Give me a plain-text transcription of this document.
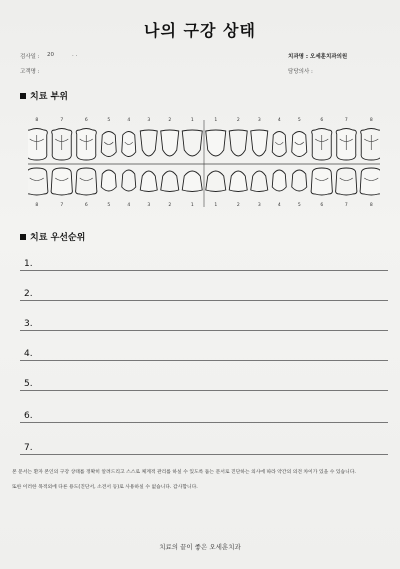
나의 구강 상태
검사일 : 20	. .
고객명 :
치과명 : 오세훈치과의원
담당의사 :
치료 부위
8	7	6	5	4	3	2	1	1	2	3	4	5	6	7	8
8	7	6	5	4	3	2	1	1	2	3	4	5	6	7	8
치료 우선순위
1.
2.
3.
4.
5.
6.
7.
본 문서는 환자 본인의 구강 상태를 정확히 알려드리고 스스로 체계적 관리를 하실 수 있도록 돕는 문서로 진단하는 의사에 따라 약간의 의견 차이가 있을 수 있습니다.
또한 이러한 목적외에 다른 용도(진단서, 소견서 등)로 사용하실 수 없습니다. 감사합니다.
치료의 끝이 좋은 오세훈치과
